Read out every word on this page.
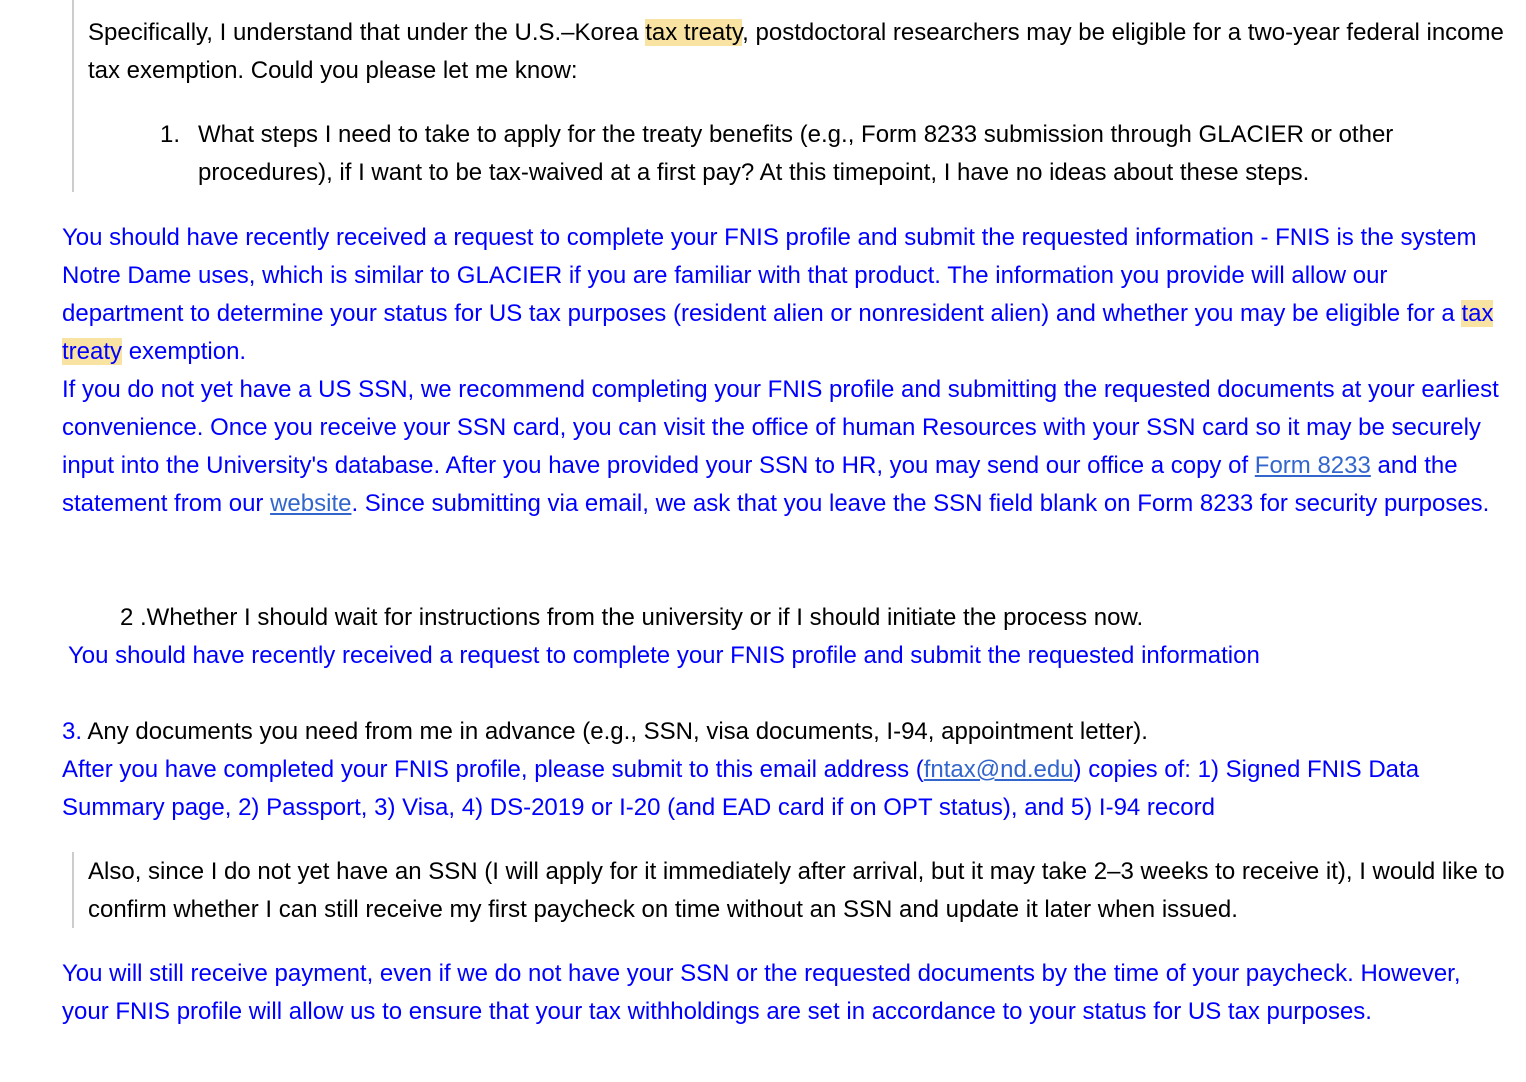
Specifically, I understand that under the U.S.–Korea tax treaty, postdoctoral researchers may be eligible for a two-year federal income tax exemption. Could you please let me know:

1. What steps I need to take to apply for the treaty benefits (e.g., Form 8233 submission through GLACIER or other procedures), if I want to be tax-waived at a first pay? At this timepoint, I have no ideas about these steps.

You should have recently received a request to complete your FNIS profile and submit the requested information - FNIS is the system Notre Dame uses, which is similar to GLACIER if you are familiar with that product. The information you provide will allow our department to determine your status for US tax purposes (resident alien or nonresident alien) and whether you may be eligible for a tax treaty exemption.

If you do not yet have a US SSN, we recommend completing your FNIS profile and submitting the requested documents at your earliest convenience. Once you receive your SSN card, you can visit the office of human Resources with your SSN card so it may be securely input into the University's database. After you have provided your SSN to HR, you may send our office a copy of Form 8233 and the statement from our website. Since submitting via email, we ask that you leave the SSN field blank on Form 8233 for security purposes.

2 .Whether I should wait for instructions from the university or if I should initiate the process now.

You should have recently received a request to complete your FNIS profile and submit the requested information

3. Any documents you need from me in advance (e.g., SSN, visa documents, I-94, appointment letter).

After you have completed your FNIS profile, please submit to this email address (fntax@nd.edu) copies of: 1) Signed FNIS Data Summary page, 2) Passport, 3) Visa, 4) DS-2019 or I-20 (and EAD card if on OPT status), and 5) I-94 record

Also, since I do not yet have an SSN (I will apply for it immediately after arrival, but it may take 2–3 weeks to receive it), I would like to confirm whether I can still receive my first paycheck on time without an SSN and update it later when issued.

You will still receive payment, even if we do not have your SSN or the requested documents by the time of your paycheck. However, your FNIS profile will allow us to ensure that your tax withholdings are set in accordance to your status for US tax purposes.
